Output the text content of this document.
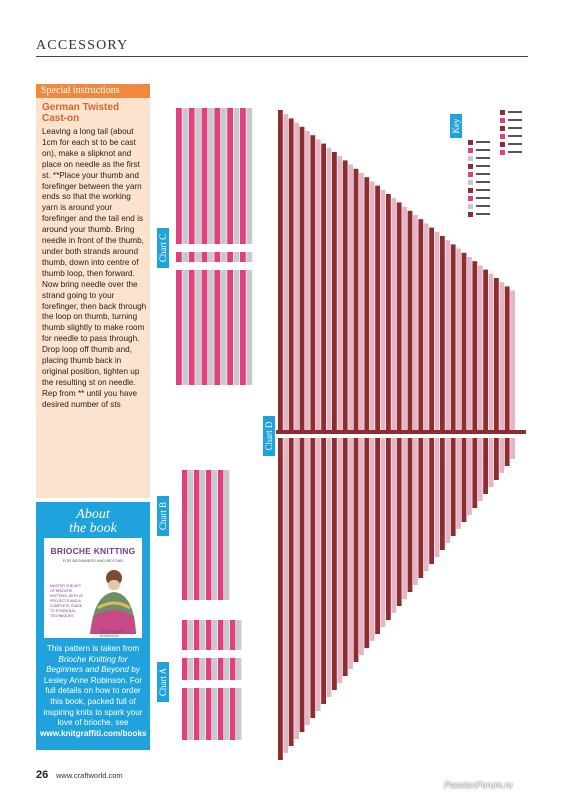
ACCESSORY
Special instructions
German Twisted Cast-on

Leaving a long tail (about 1cm for each st to be cast on), make a slipknot and place on needle as the first st. **Place your thumb and forefinger between the yarn ends so that the working yarn is around your forefinger and the tail end is around your thumb. Bring needle in front of the thumb, under both strands around thumb, down into centre of thumb loop, then forward. Now bring needle over the strand going to your forefinger, then back through the loop on thumb, turning thumb slightly to make room for needle to pass through. Drop loop off thumb and, placing thumb back in original position, tighten up the resulting st on needle. Rep from ** until you have desired number of sts

About
the book
BRIOCHE KNITTING
FOR BEGINNERS AND BEYOND
MASTER THE ART OF BRIOCHE KNITTING, WITH 20 PROJECTS AND A COMPLETE GUIDE TO ESSENTIAL TECHNIQUES
LESLEY ANNE ROBINSON

This pattern is taken from Brioche Knitting for Beginners and Beyond by Lesley Anne Robinson. For full details on how to order this book, packed full of inspiring knits to spark your love of brioche, see www.knitgraffiti.com/books

Chart C
Chart B
Chart A
Chart D
Key
26 www.craftworld.com
PassionForum.ru
